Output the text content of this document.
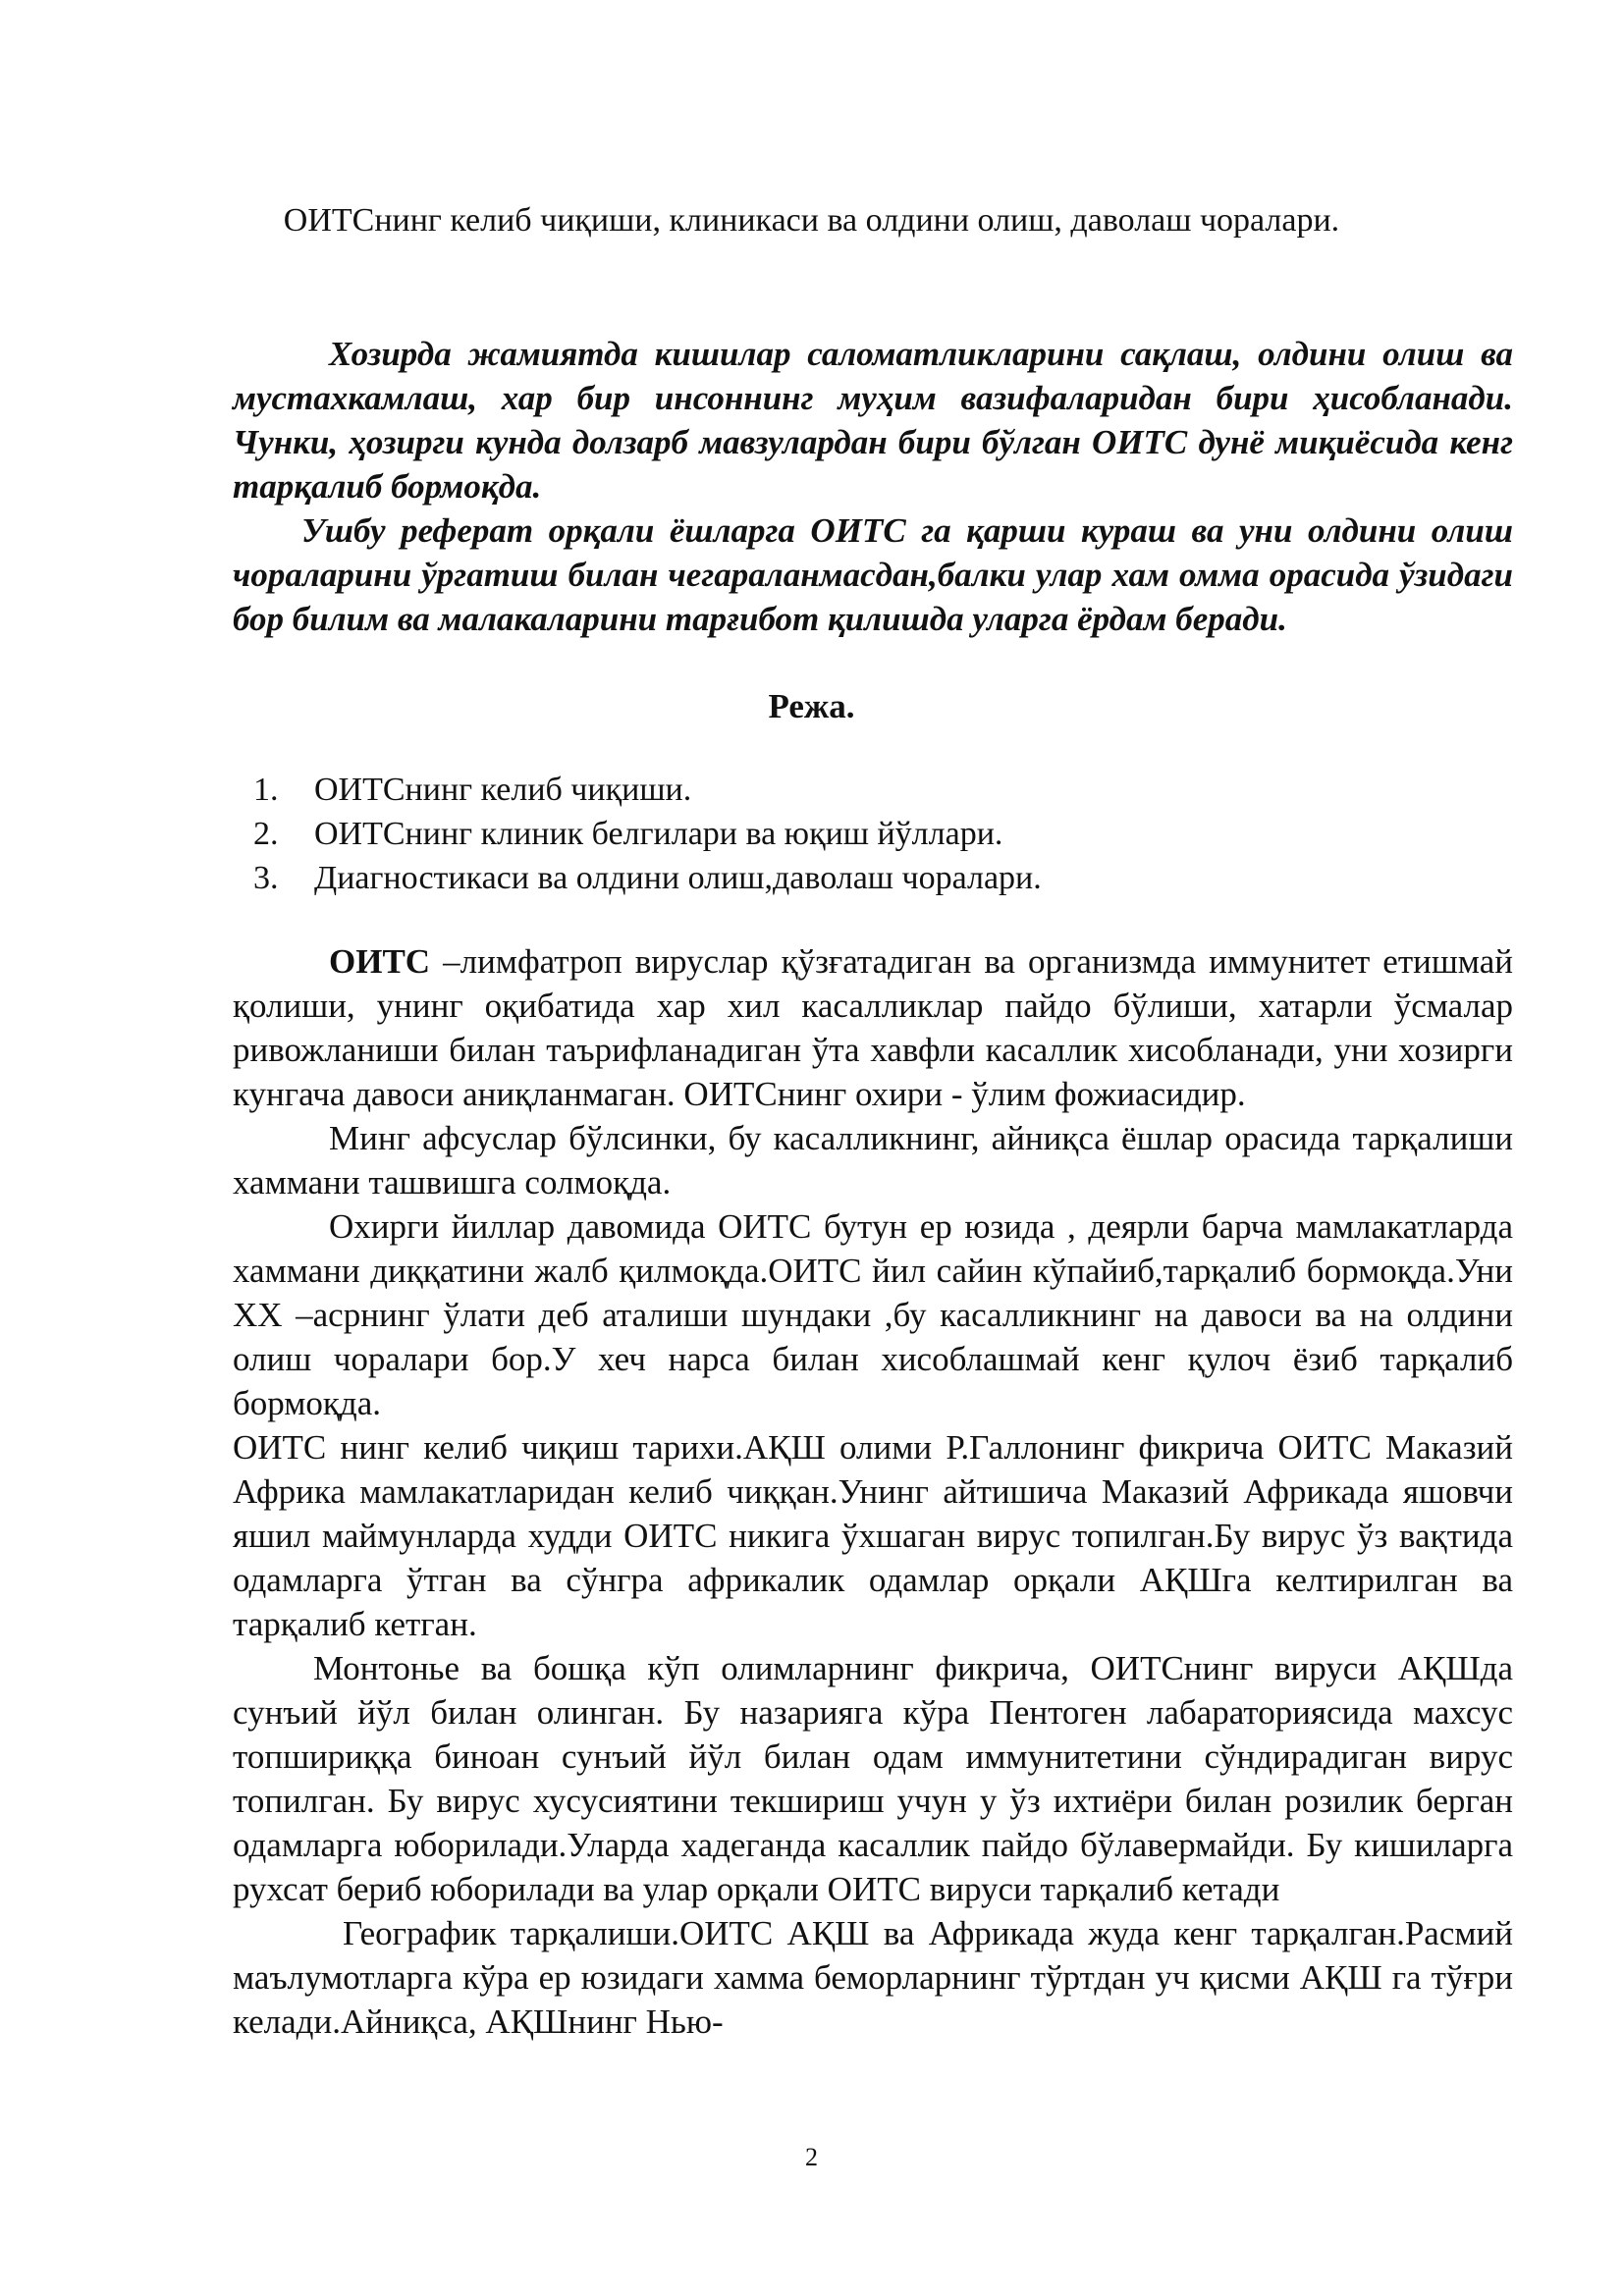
ОИТСнинг келиб чиқиши, клиникаси ва олдини олиш, даволаш чоралари.

Хозирда жамиятда кишилар саломатликларини сақлаш, олдини олиш ва мустахкамлаш, хар бир инсоннинг муҳим вазифаларидан бири ҳисобланади. Чунки, ҳозирги кунда долзарб мавзулардан бири бўлган ОИТС дунё миқиёсида кенг тарқалиб бормоқда.

Ушбу реферат орқали ёшларга ОИТС га қарши кураш ва уни олдини олиш чораларини ўргатиш билан чегараланмасдан,балки улар хам омма орасида ўзидаги бор билим ва малакаларини тарғибот қилишда уларга ёрдам беради.

Режа.
1.	ОИТСнинг келиб чиқиши.
2.	ОИТСнинг клиник белгилари ва юқиш йўллари.
3.	Диагностикаси ва олдини олиш,даволаш чоралари.

ОИТС –лимфатроп вируслар қўзғатадиган ва организмда иммунитет етишмай қолиши, унинг оқибатида хар хил касалликлар пайдо бўлиши, хатарли ўсмалар ривожланиши билан таърифланадиган ўта хавфли касаллик хисобланади, уни хозирги кунгача давоси аниқланмаган. ОИТСнинг охири - ўлим фожиасидир.

Минг афсуслар бўлсинки, бу касалликнинг, айниқса ёшлар орасида тарқалиши хаммани ташвишга солмоқда.

Охирги йиллар давомида ОИТС бутун ер юзида , деярли барча мамлакатларда хаммани диққатини жалб қилмоқда.ОИТС йил сайин кўпайиб,тарқалиб бормоқда.Уни XX –асрнинг ўлати деб аталиши шундаки ,бу касалликнинг на давоси ва на олдини олиш чоралари бор.У хеч нарса билан хисоблашмай кенг қулоч ёзиб тарқалиб бормоқда.

ОИТС нинг келиб чиқиш тарихи.АҚШ олими Р.Галлонинг фикрича ОИТС Маказий Африка мамлакатларидан келиб чиққан.Унинг айтишича Маказий Африкада яшовчи яшил маймунларда худди ОИТС никига ўхшаган вирус топилган.Бу вирус ўз вақтида одамларга ўтган ва сўнгра африкалик одамлар орқали АҚШга келтирилган ва тарқалиб кетган.

Монтонье ва бошқа кўп олимларнинг фикрича, ОИТСнинг вируси АҚШда сунъий йўл билан олинган. Бу назарияга кўра Пентоген лабараториясида махсус топшириққа биноан сунъий йўл билан одам иммунитетини сўндирадиган вирус топилган. Бу вирус хусусиятини текшириш учун у ўз ихтиёри билан розилик берган одамларга юборилади.Уларда хадеганда касаллик пайдо бўлавермайди. Бу кишиларга рухсат бериб юборилади ва улар орқали ОИТС вируси тарқалиб кетади

Географик тарқалиши.ОИТС АҚШ ва Африкада жуда кенг тарқалган.Расмий маълумотларга кўра ер юзидаги хамма беморларнинг тўртдан уч қисми АҚШ га тўғри келади.Айниқса, АҚШнинг Нью-

2
